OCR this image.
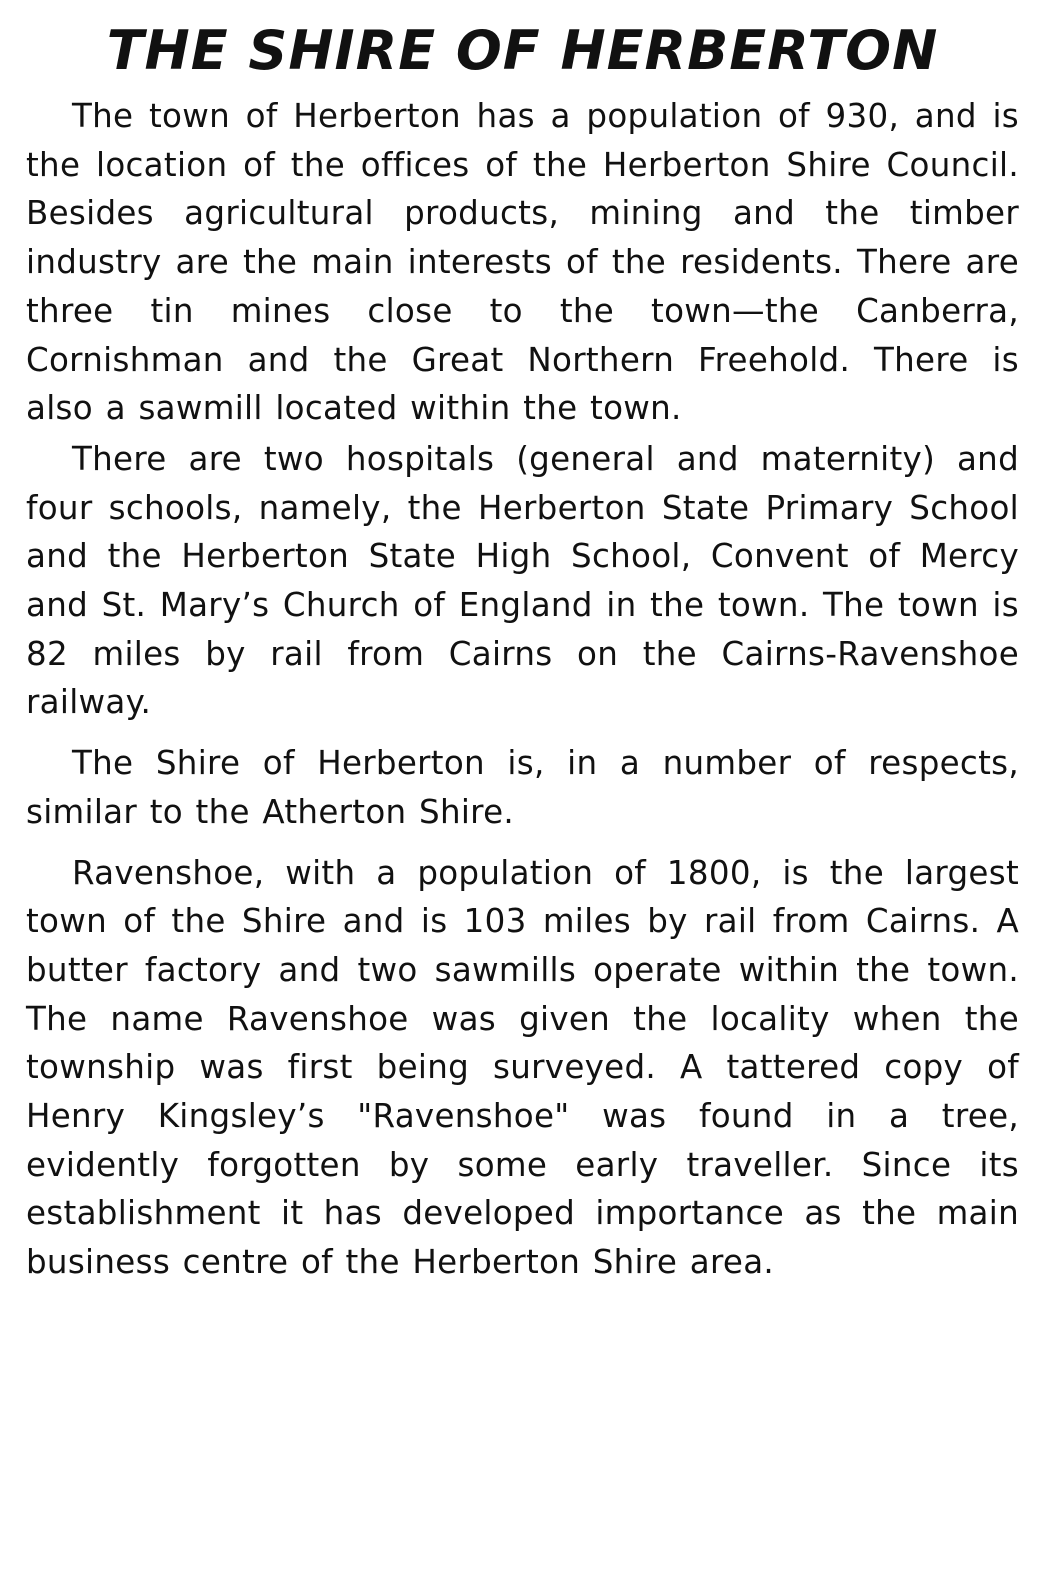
THE SHIRE OF HERBERTON

The town of Herberton has a population of 930, and is the location of the offices of the Herberton Shire Council. Besides agricultural products, mining and the timber industry are the main interests of the residents. There are three tin mines close to the town—the Canberra, Cornishman and the Great Northern Freehold. There is also a sawmill located within the town.

There are two hospitals (general and maternity) and four schools, namely, the Herberton State Primary School and the Herberton State High School, Convent of Mercy and St. Mary’s Church of England in the town. The town is 82 miles by rail from Cairns on the Cairns-Ravenshoe railway.

The Shire of Herberton is, in a number of respects, similar to the Atherton Shire.

Ravenshoe, with a population of 1800, is the largest town of the Shire and is 103 miles by rail from Cairns. A butter factory and two sawmills operate within the town. The name Ravenshoe was given the locality when the township was first being surveyed. A tattered copy of Henry Kingsley’s "Ravenshoe" was found in a tree, evidently forgotten by some early traveller. Since its establishment it has developed importance as the main business centre of the Herberton Shire area.
